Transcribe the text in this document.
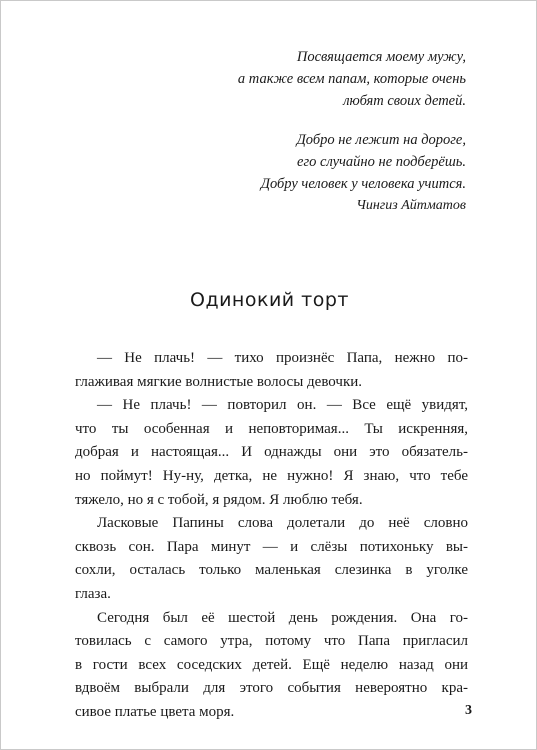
Посвящается моему мужу,
а также всем папам, которые очень
любят своих детей.
Добро не лежит на дороге,
его случайно не подберёшь.
Добру человек у человека учится.
Чингиз Айтматов
Одинокий торт
— Не плачь! — тихо произнёс Папа, нежно по-
глаживая мягкие волнистые волосы девочки.
— Не плачь! — повторил он. — Все ещё увидят,
что ты особенная и неповторимая... Ты искренняя,
добрая и настоящая... И однажды они это обязатель-
но поймут! Ну-ну, детка, не нужно! Я знаю, что тебе
тяжело, но я с тобой, я рядом. Я люблю тебя.
Ласковые Папины слова долетали до неё словно
сквозь сон. Пара минут — и слёзы потихоньку вы-
сохли, осталась только маленькая слезинка в уголке
глаза.
Сегодня был её шестой день рождения. Она го-
товилась с самого утра, потому что Папа пригласил
в гости всех соседских детей. Ещё неделю назад они
вдвоём выбрали для этого события невероятно кра-
сивое платье цвета моря.	3
